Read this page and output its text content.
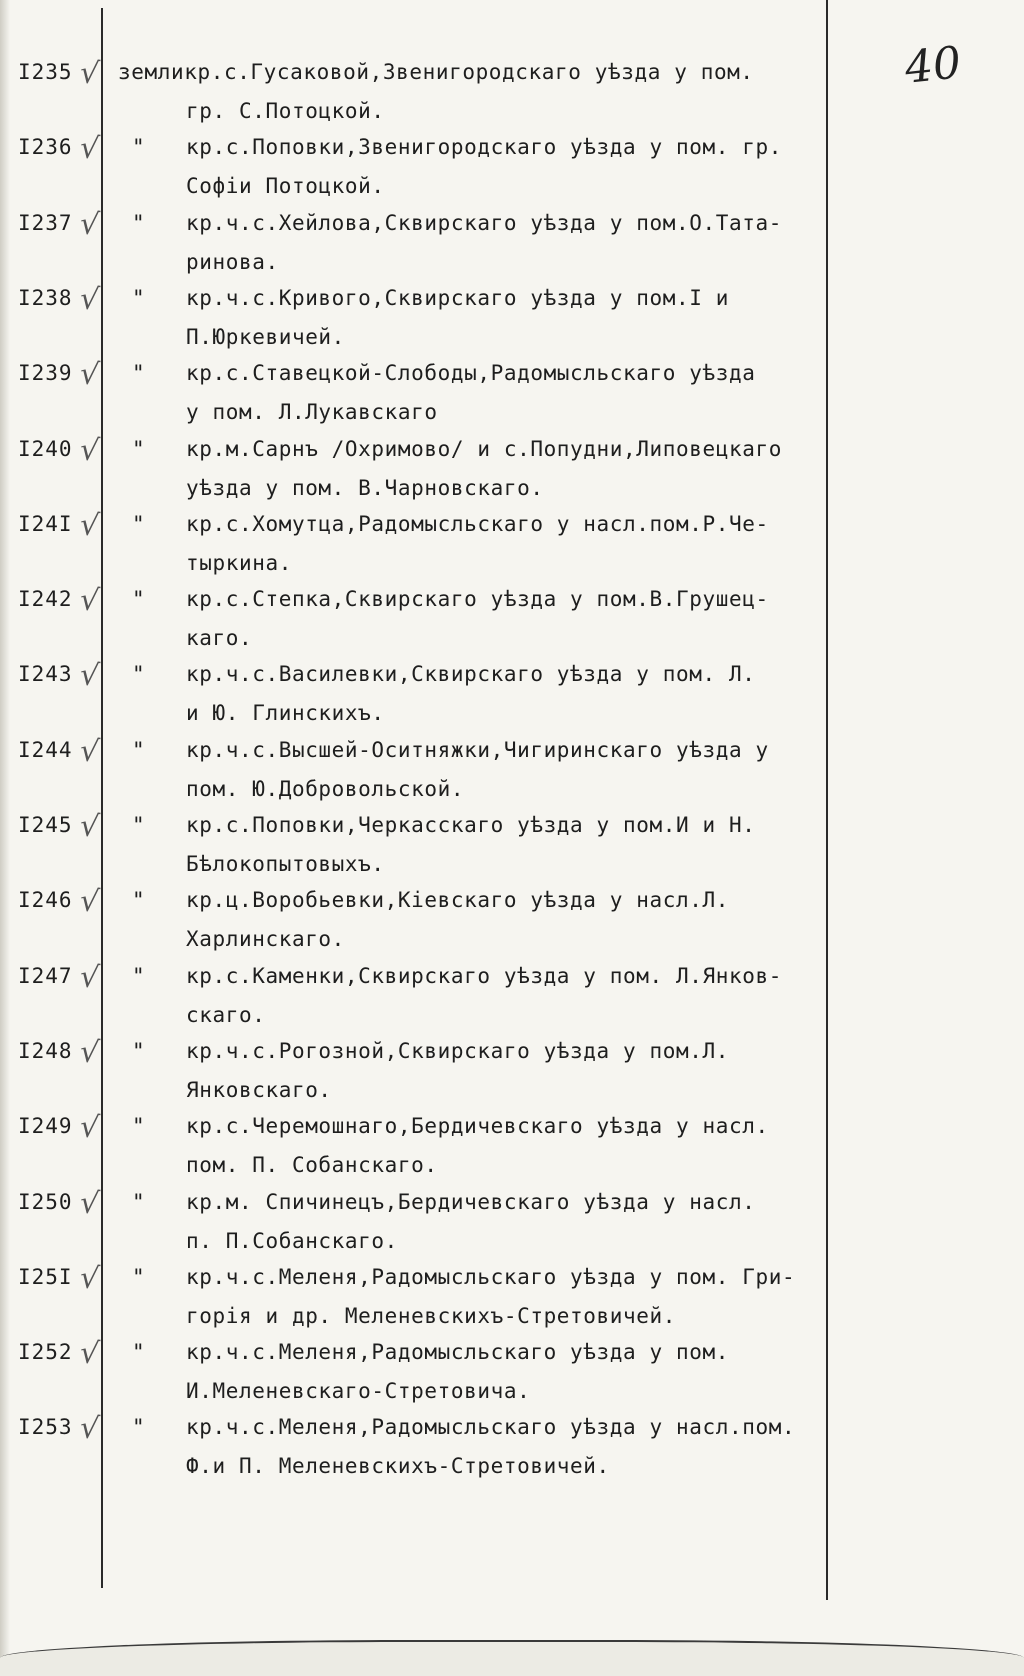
40
I235 √ земликр.с.Гусаковой,Звенигородскаго уѣзда у пом.
гр. С.Потоцкой.
I236 √ " кр.с.Поповки,Звенигородскаго уѣзда у пом. гр.
Софіи Потоцкой.
I237 √ " кр.ч.с.Хейлова,Сквирскаго уѣзда у пом.О.Тата-
ринова.
I238 √ " кр.ч.с.Кривого,Сквирскаго уѣзда у пом.I и
П.Юркевичей.
I239 √ " кр.с.Ставецкой-Слободы,Радомысльскаго уѣзда
у пом. Л.Лукавскаго
I240 √ " кр.м.Сарнъ /Охримово/ и с.Попудни,Липовецкаго
уѣзда у пом. В.Чарновскаго.
I24I √ " кр.с.Хомутца,Радомысльскаго у насл.пом.Р.Че-
тыркина.
I242 √ " кр.с.Степка,Сквирскаго уѣзда у пом.В.Грушец-
каго.
I243 √ " кр.ч.с.Василевки,Сквирскаго уѣзда у пом. Л.
и Ю. Глинскихъ.
I244 √ " кр.ч.с.Высшей-Оситняжки,Чигиринскаго уѣзда у
пом. Ю.Добровольской.
I245 √ " кр.с.Поповки,Черкасскаго уѣзда у пом.И и Н.
Бѣлокопытовыхъ.
I246 √ " кр.ц.Воробьевки,Кіевскаго уѣзда у насл.Л.
Харлинскаго.
I247 √ " кр.с.Каменки,Сквирскаго уѣзда у пом. Л.Янков-
скаго.
I248 √ " кр.ч.с.Рогозной,Сквирскаго уѣзда у пом.Л.
Янковскаго.
I249 √ " кр.с.Черемошнаго,Бердичевскаго уѣзда у насл.
пом. П. Собанскаго.
I250 √ " кр.м. Спичинецъ,Бердичевскаго уѣзда у насл.
п. П.Собанскаго.
I25I √ " кр.ч.с.Меленя,Радомысльскаго уѣзда у пом. Гри-
горія и др. Меленевскихъ-Стретовичей.
I252 √ " кр.ч.с.Меленя,Радомысльскаго уѣзда у пом.
И.Меленевскаго-Стретовича.
I253 √ " кр.ч.с.Меленя,Радомысльскаго уѣзда у насл.пом.
Ф.и П. Меленевскихъ-Стретовичей.
